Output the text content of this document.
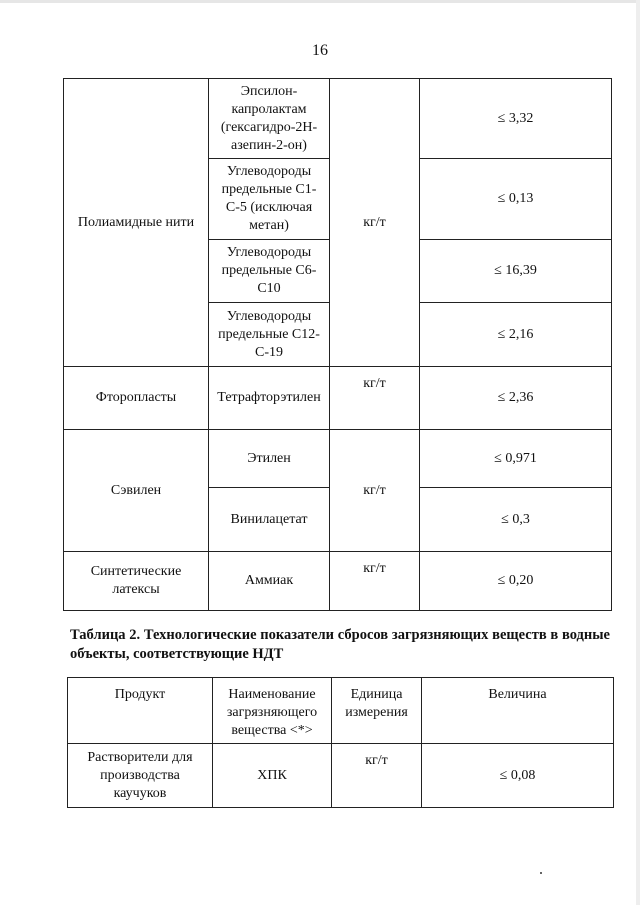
16
Полиамидные нити	Эпсилон-капролактам (гексагидро-2Н-азепин-2-он)	кг/т	≤ 3,32
	Углеводороды предельные С1-С-5 (исключая метан)		≤ 0,13
	Углеводороды предельные С6-С10		≤ 16,39
	Углеводороды предельные С12-С-19		≤ 2,16
Фторопласты	Тетрафторэтилен	кг/т	≤ 2,36
Сэвилен	Этилен	кг/т	≤ 0,971
	Винилацетат		≤ 0,3
Синтетические латексы	Аммиак	кг/т	≤ 0,20
Таблица 2. Технологические показатели сбросов загрязняющих веществ в водные объекты, соответствующие НДТ
Продукт	Наименование загрязняющего вещества <*>	Единица измерения	Величина
Растворители для производства каучуков	ХПК	кг/т	≤ 0,08
